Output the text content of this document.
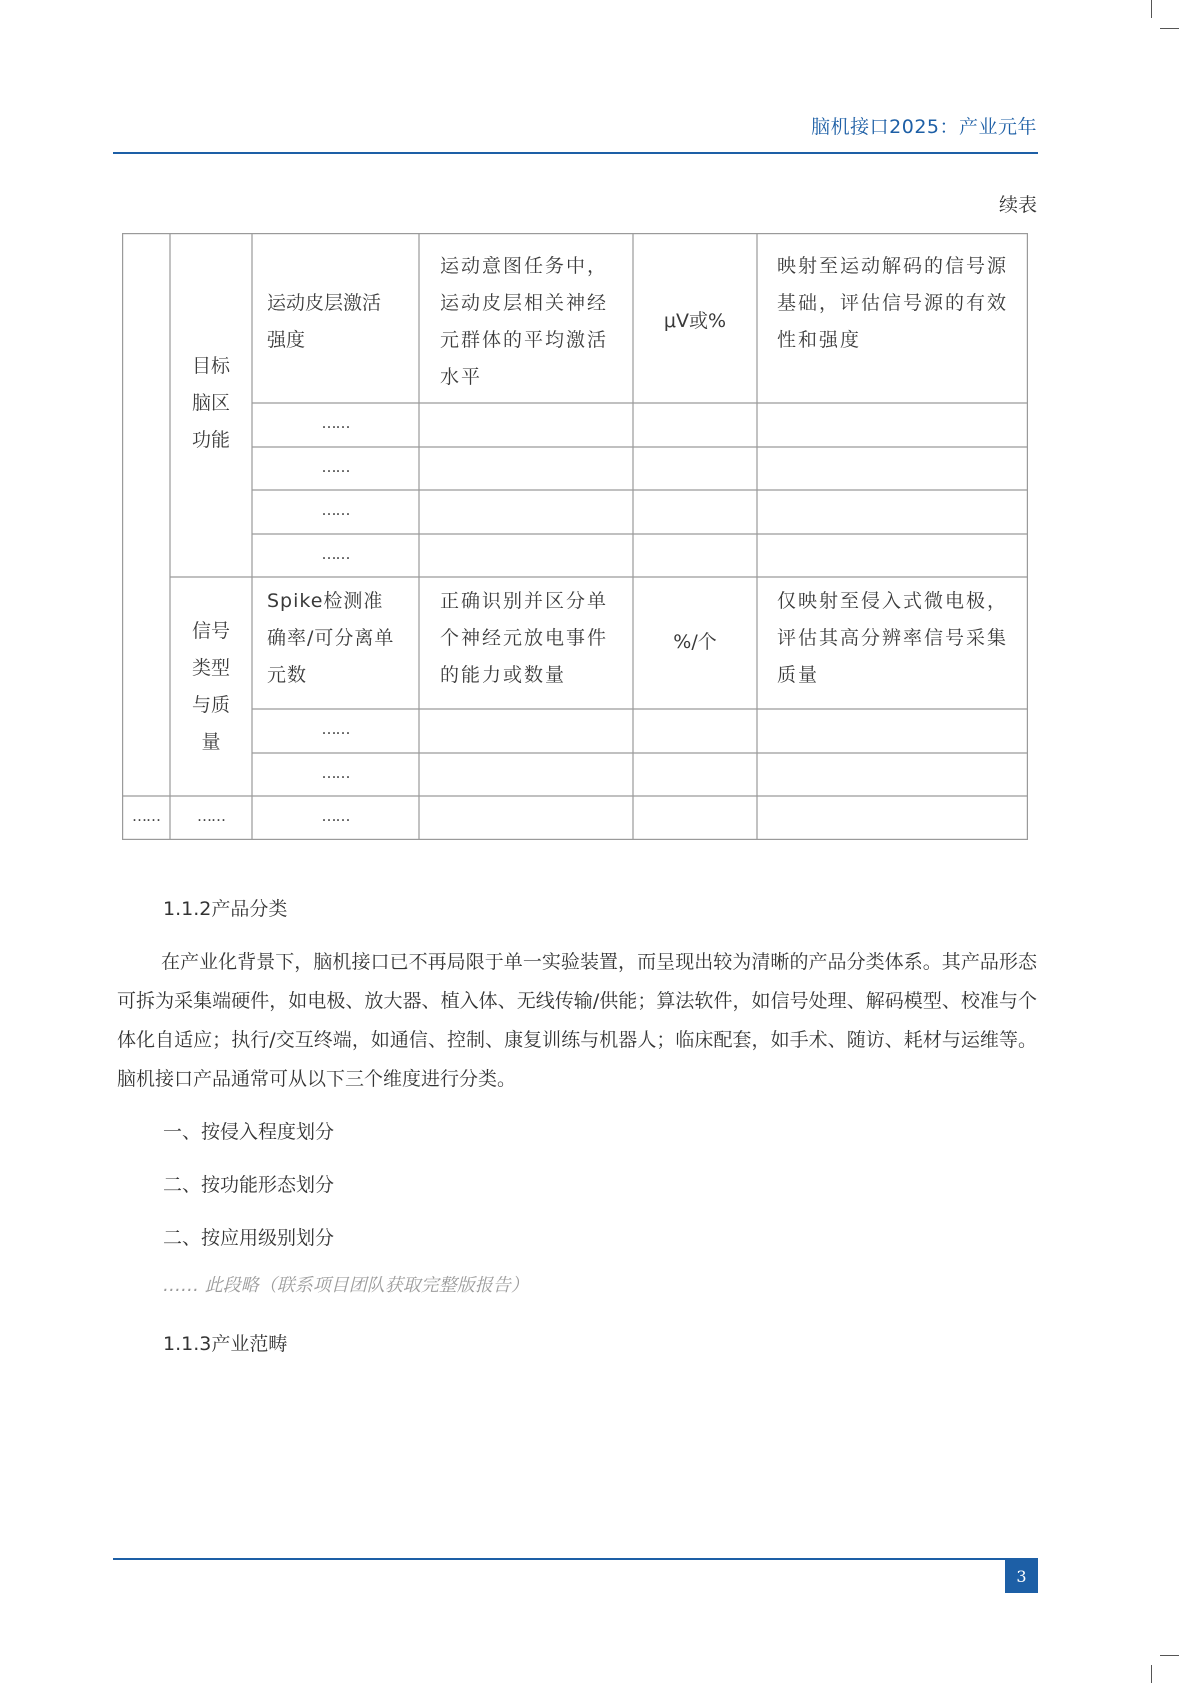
脑机接口2025：产业元年
续表
目标
脑区
功能
运动皮层激活
强度
运动意图任务中，
运动皮层相关神经
元群体的平均激活
水平
μV或%
映射至运动解码的信号源
基础，评估信号源的有效
性和强度
……
……
……
……
信号
类型
与质
量
Spike检测准
确率/可分离单
元数
正确识别并区分单
个神经元放电事件
的能力或数量
%/个
仅映射至侵入式微电极，
评估其高分辨率信号采集
质量
……
……
……	……	……
1.1.2产品分类

在产业化背景下，脑机接口已不再局限于单一实验装置，而呈现出较为清晰的产品分类体系。其产品形态可拆为采集端硬件，如电极、放大器、植入体、无线传输/供能；算法软件，如信号处理、解码模型、校准与个体化自适应；执行/交互终端，如通信、控制、康复训练与机器人；临床配套，如手术、随访、耗材与运维等。脑机接口产品通常可从以下三个维度进行分类。

一、按侵入程度划分
二、按功能形态划分
二、按应用级别划分
…… 此段略（联系项目团队获取完整版报告）
1.1.3产业范畴
3
